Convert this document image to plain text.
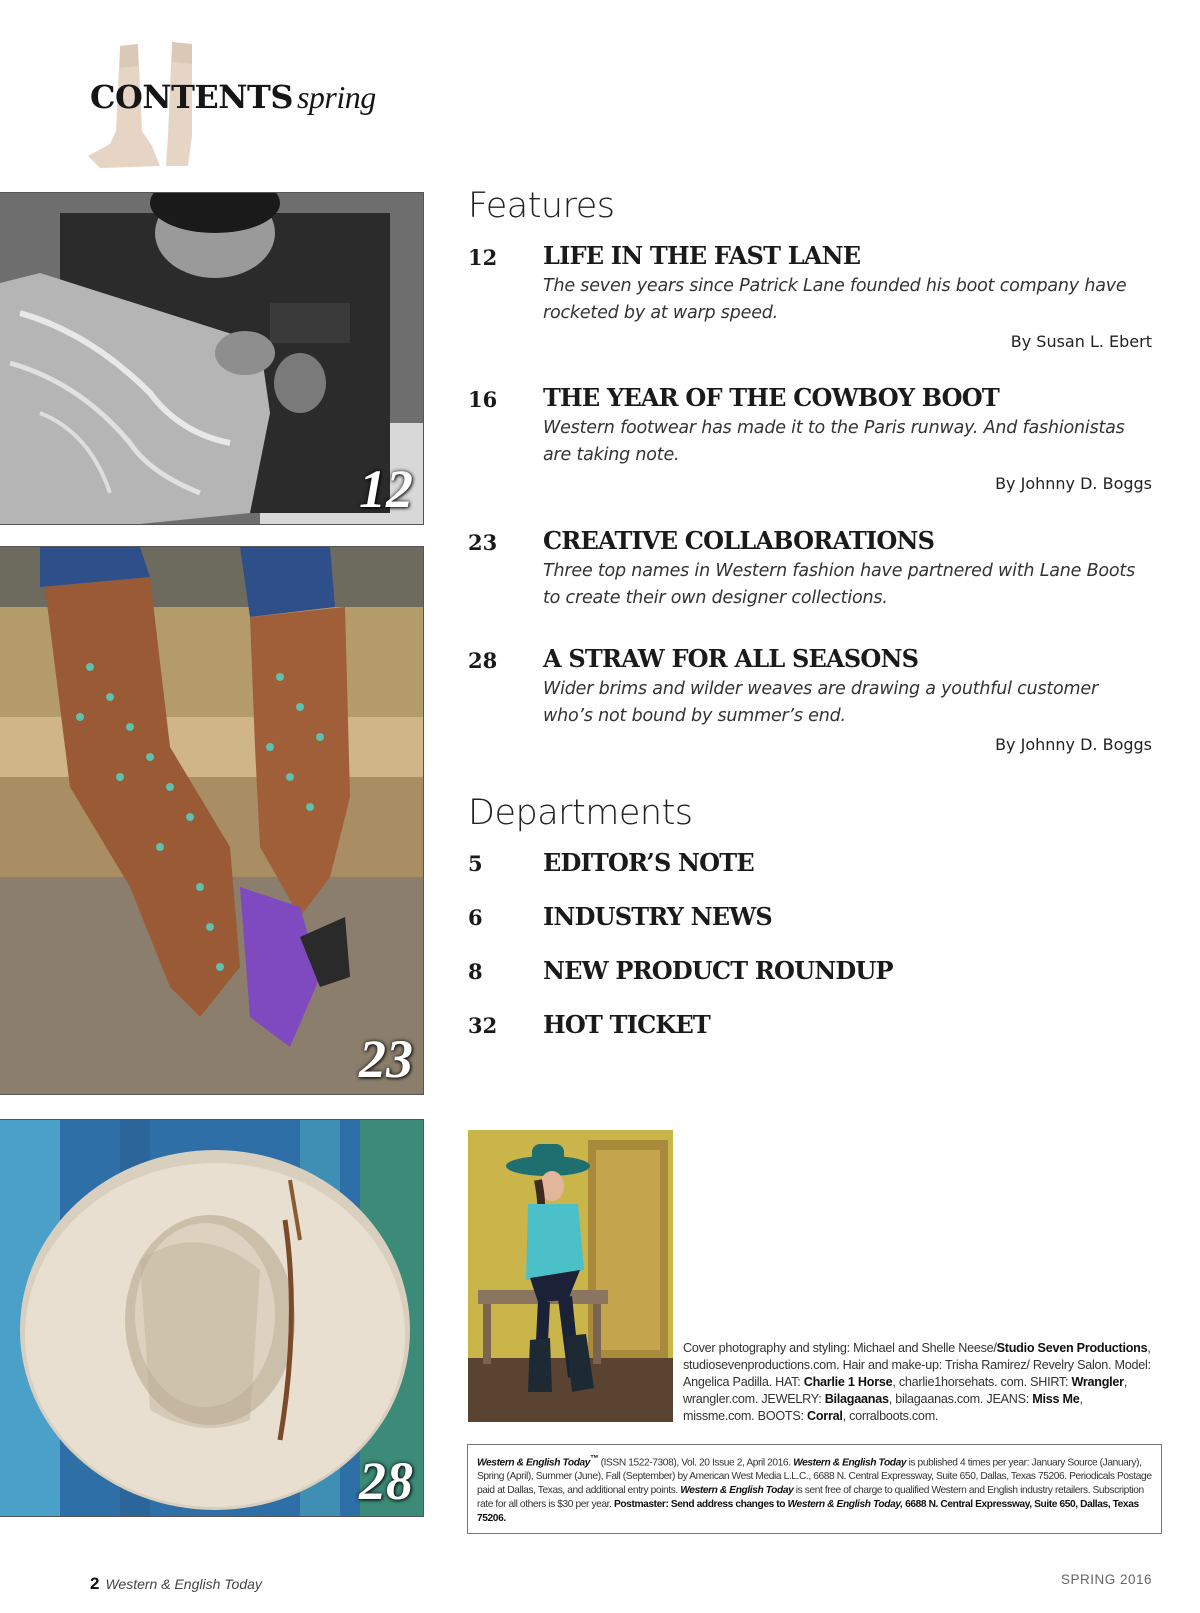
CONTENTS spring
12
23
28
Features
12 LIFE IN THE FAST LANE
The seven years since Patrick Lane founded his boot company have rocketed by at warp speed.
By Susan L. Ebert
16 THE YEAR OF THE COWBOY BOOT
Western footwear has made it to the Paris runway. And fashionistas are taking note.
By Johnny D. Boggs
23 CREATIVE COLLABORATIONS
Three top names in Western fashion have partnered with Lane Boots to create their own designer collections.
28 A STRAW FOR ALL SEASONS
Wider brims and wilder weaves are drawing a youthful customer who’s not bound by summer’s end.
By Johnny D. Boggs
Departments
5	EDITOR’S NOTE
6	INDUSTRY NEWS
8	NEW PRODUCT ROUNDUP
32 HOT TICKET
Cover photography and styling: Michael and Shelle Neese/Studio Seven Productions, studiosevenproductions.com. Hair and make-up: Trisha Ramirez/ Revelry Salon. Model: Angelica Padilla. HAT: Charlie 1 Horse, charlie1horsehats. com. SHIRT: Wrangler, wrangler.com. JEWELRY: Bilagaanas, bilagaanas.com. JEANS: Miss Me, missme.com. BOOTS: Corral, corralboots.com.
Western & English Today™ (ISSN 1522-7308), Vol. 20 Issue 2, April 2016. Western & English Today is published 4 times per year: January Source (January), Spring (April), Summer (June), Fall (September) by American West Media L.L.C., 6688 N. Central Expressway, Suite 650, Dallas, Texas 75206. Periodicals Postage paid at Dallas, Texas, and additional entry points. Western & English Today is sent free of charge to qualified Western and English industry retailers. Subscription rate for all others is $30 per year. Postmaster: Send address changes to Western & English Today, 6688 N. Central Expressway, Suite 650, Dallas, Texas 75206.
2 Western & English Today	SPRING 2016
